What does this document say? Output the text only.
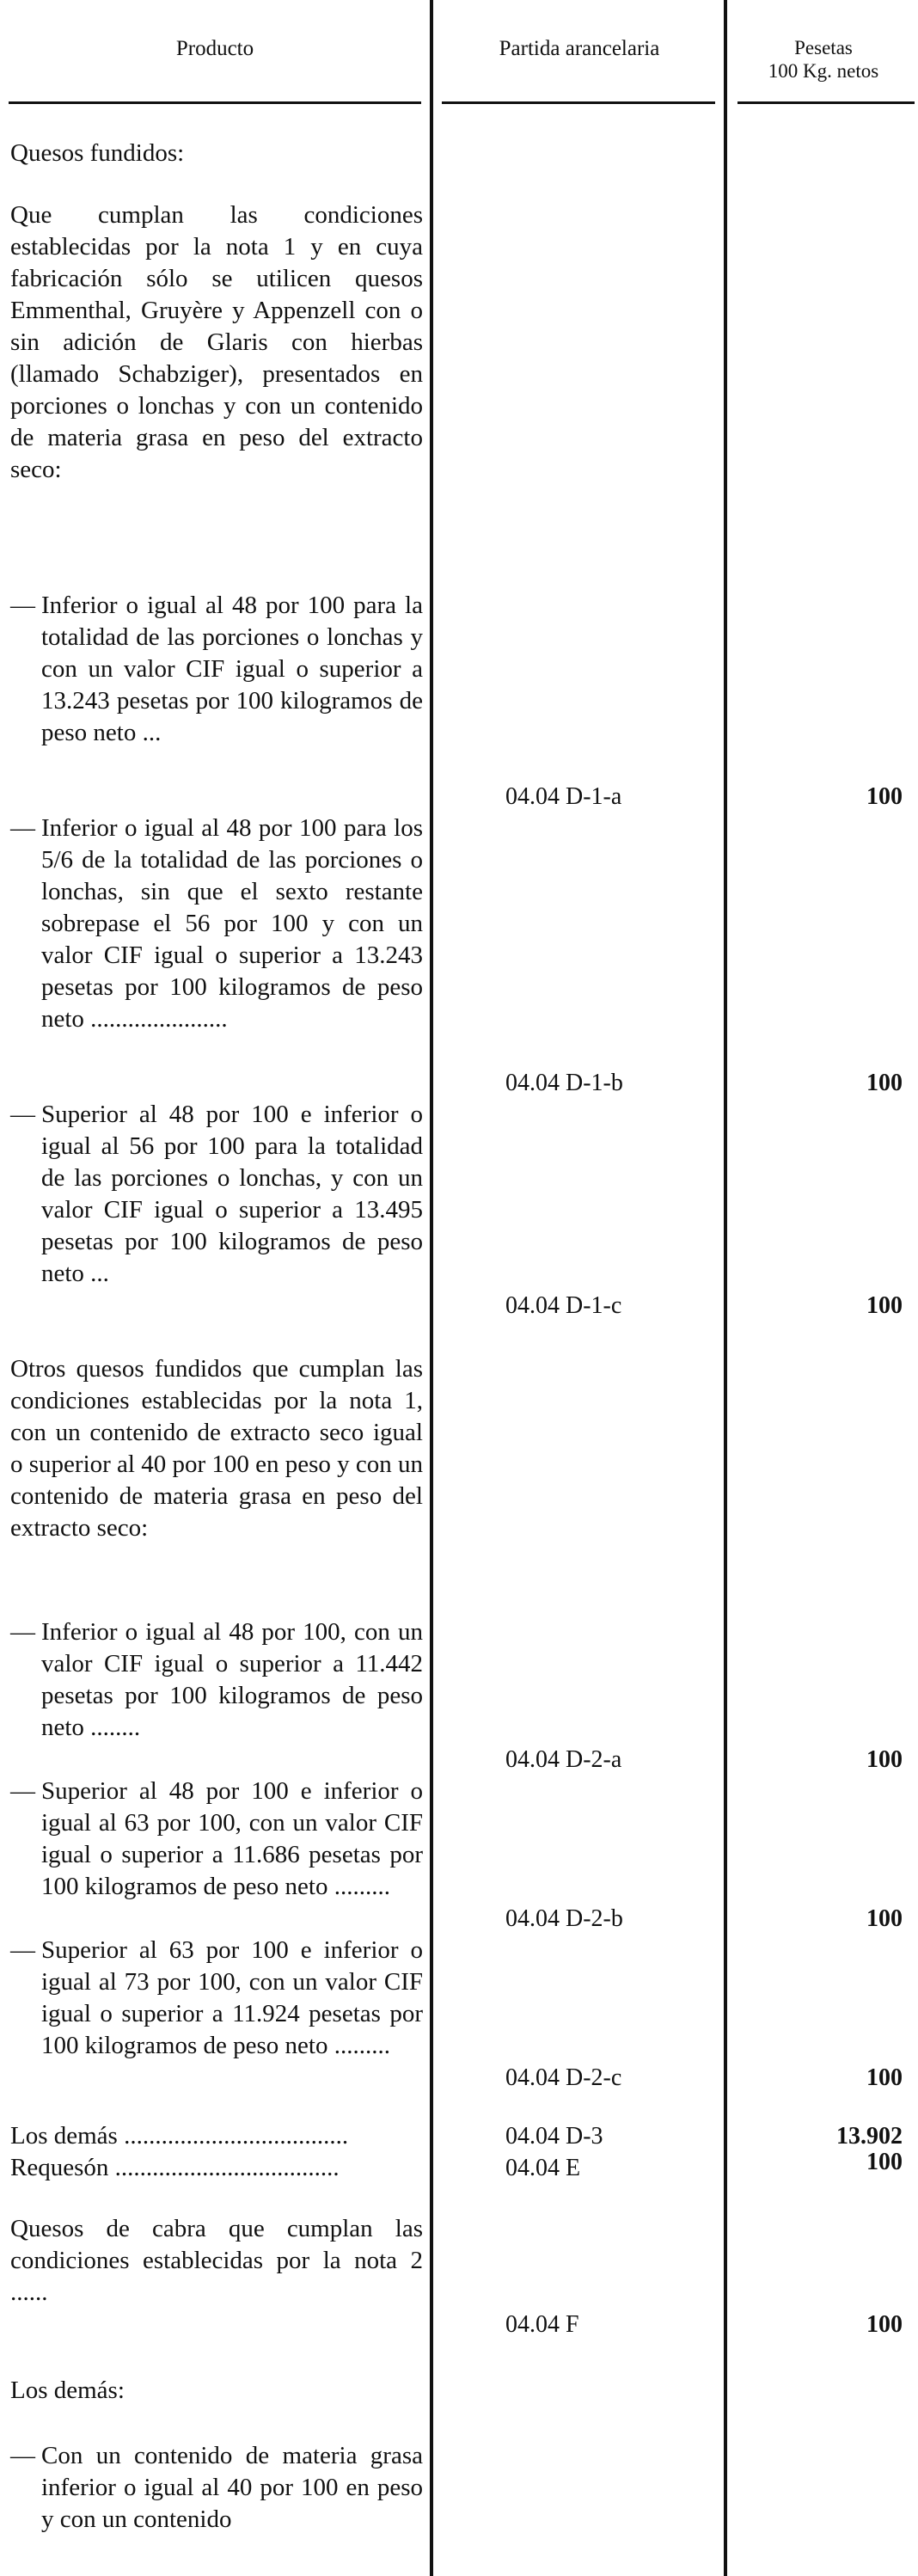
Producto	Partida arancelaria	Pesetas
100 Kg. netos
Quesos fundidos:
Que cumplan las condiciones establecidas por la nota 1 y en cuya fabricación sólo se utilicen quesos Emmenthal, Gruyère y Appenzell con o sin adición de Glaris con hierbas (llamado Schabziger), presentados en porciones o lonchas y con un contenido de materia grasa en peso del extracto seco:
— Inferior o igual al 48 por 100 para la totalidad de las porciones o lonchas y con un valor CIF igual o superior a 13.243 pesetas por 100 kilogramos de peso neto ...
04.04 D-1-a	100
— Inferior o igual al 48 por 100 para los 5/6 de la totalidad de las porciones o lonchas, sin que el sexto restante sobrepase el 56 por 100 y con un valor CIF igual o superior a 13.243 pesetas por 100 kilogramos de peso neto ......................
04.04 D-1-b	100
— Superior al 48 por 100 e inferior o igual al 56 por 100 para la totalidad de las porciones o lonchas, y con un valor CIF igual o superior a 13.495 pesetas por 100 kilogramos de peso neto ...
04.04 D-1-c	100
Otros quesos fundidos que cumplan las condiciones establecidas por la nota 1, con un contenido de extracto seco igual o superior al 40 por 100 en peso y con un contenido de materia grasa en peso del extracto seco:
— Inferior o igual al 48 por 100, con un valor CIF igual o superior a 11.442 pesetas por 100 kilogramos de peso neto ........
04.04 D-2-a	100
— Superior al 48 por 100 e inferior o igual al 63 por 100, con un valor CIF igual o superior a 11.686 pesetas por 100 kilogramos de peso neto .........
04.04 D-2-b	100
— Superior al 63 por 100 e inferior o igual al 73 por 100, con un valor CIF igual o superior a 11.924 pesetas por 100 kilogramos de peso neto .........
04.04 D-2-c	100
Los demás ....................................	04.04 D-3	13.902
Requesón ....................................	04.04 E	100
Quesos de cabra que cumplan las condiciones establecidas por la nota 2 ......
04.04 F	100
Los demás:
— Con un contenido de materia grasa inferior o igual al 40 por 100 en peso y con un contenido
